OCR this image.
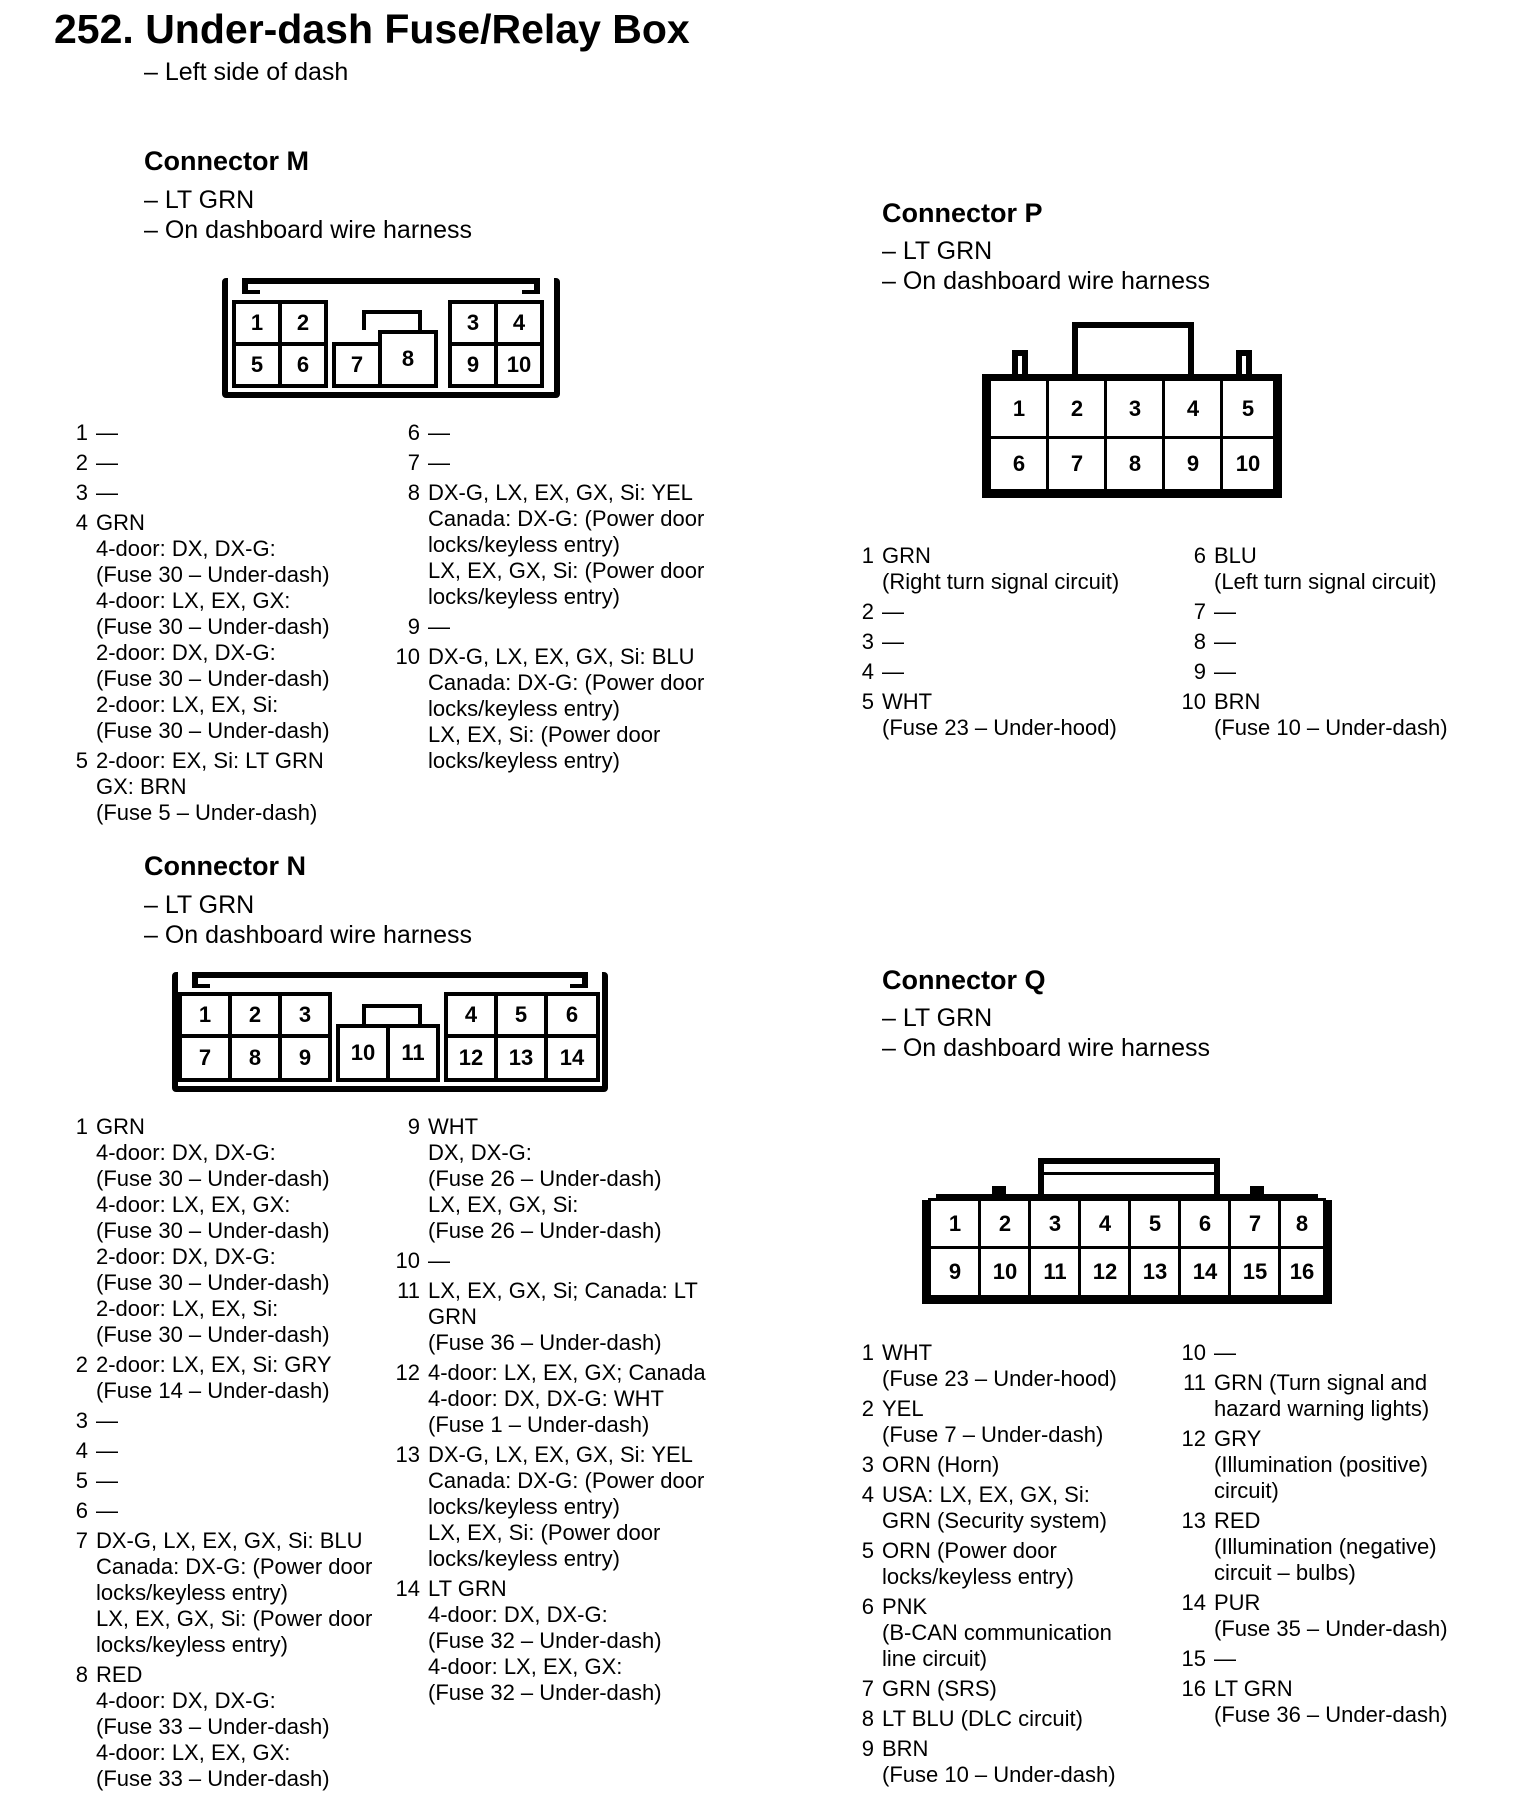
252. Under-dash Fuse/Relay Box
– Left side of dash
Connector M
– LT GRN
– On dashboard wire harness
1	2	3	4
5	6	7	8	9	10
1 —
2 —
3 —
4 GRN
4-door: DX, DX-G:
(Fuse 30 – Under-dash)
4-door: LX, EX, GX:
(Fuse 30 – Under-dash)
2-door: DX, DX-G:
(Fuse 30 – Under-dash)
2-door: LX, EX, Si:
(Fuse 30 – Under-dash)
5 2-door: EX, Si: LT GRN
GX: BRN
(Fuse 5 – Under-dash)
6 —
7 —
8 DX-G, LX, EX, GX, Si: YEL
Canada: DX-G: (Power door
locks/keyless entry)
LX, EX, GX, Si: (Power door
locks/keyless entry)
9 —
10 DX-G, LX, EX, GX, Si: BLU
Canada: DX-G: (Power door
locks/keyless entry)
LX, EX, Si: (Power door
locks/keyless entry)
Connector N
– LT GRN
– On dashboard wire harness
1	2	3	4	5	6
7	8	9	10	11	12	13	14
1 GRN
4-door: DX, DX-G:
(Fuse 30 – Under-dash)
4-door: LX, EX, GX:
(Fuse 30 – Under-dash)
2-door: DX, DX-G:
(Fuse 30 – Under-dash)
2-door: LX, EX, Si:
(Fuse 30 – Under-dash)
2 2-door: LX, EX, Si: GRY
(Fuse 14 – Under-dash)
3 —
4 —
5 —
6 —
7 DX-G, LX, EX, GX, Si: BLU
Canada: DX-G: (Power door
locks/keyless entry)
LX, EX, GX, Si: (Power door
locks/keyless entry)
8 RED
4-door: DX, DX-G:
(Fuse 33 – Under-dash)
4-door: LX, EX, GX:
(Fuse 33 – Under-dash)
9 WHT
DX, DX-G:
(Fuse 26 – Under-dash)
LX, EX, GX, Si:
(Fuse 26 – Under-dash)
10 —
11 LX, EX, GX, Si; Canada: LT
GRN
(Fuse 36 – Under-dash)
12 4-door: LX, EX, GX; Canada
4-door: DX, DX-G: WHT
(Fuse 1 – Under-dash)
13 DX-G, LX, EX, GX, Si: YEL
Canada: DX-G: (Power door
locks/keyless entry)
LX, EX, Si: (Power door
locks/keyless entry)
14 LT GRN
4-door: DX, DX-G:
(Fuse 32 – Under-dash)
4-door: LX, EX, GX:
(Fuse 32 – Under-dash)
Connector P
– LT GRN
– On dashboard wire harness
1	2	3	4	5
6	7	8	9	10
1 GRN
(Right turn signal circuit)
2 —
3 —
4 —
5 WHT
(Fuse 23 – Under-hood)
6 BLU
(Left turn signal circuit)
7 —
8 —
9 —
10 BRN
(Fuse 10 – Under-dash)
Connector Q
– LT GRN
– On dashboard wire harness
1	2	3	4	5	6	7	8
9	10	11	12	13	14	15	16
1 WHT
(Fuse 23 – Under-hood)
2 YEL
(Fuse 7 – Under-dash)
3 ORN (Horn)
4 USA: LX, EX, GX, Si:
GRN (Security system)
5 ORN (Power door
locks/keyless entry)
6 PNK
(B-CAN communication
line circuit)
7 GRN (SRS)
8 LT BLU (DLC circuit)
9 BRN
(Fuse 10 – Under-dash)
10 —
11 GRN (Turn signal and
hazard warning lights)
12 GRY
(Illumination (positive)
circuit)
13 RED
(Illumination (negative)
circuit – bulbs)
14 PUR
(Fuse 35 – Under-dash)
15 —
16 LT GRN
(Fuse 36 – Under-dash)
